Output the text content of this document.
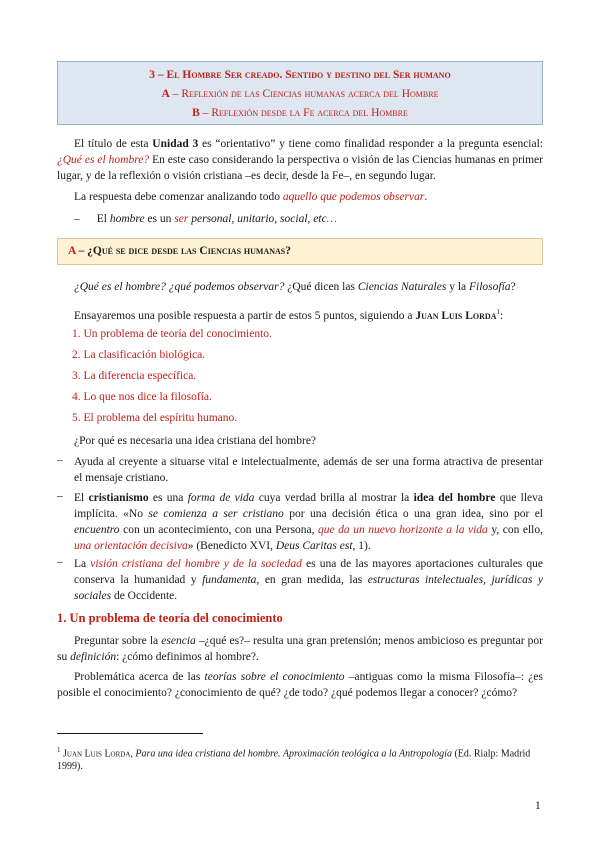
3 – El Hombre Ser creado. Sentido y destino del Ser humano
A – Reflexión de las Ciencias humanas acerca del Hombre
B – Reflexión desde la Fe acerca del Hombre
El título de esta Unidad 3 es “orientativo” y tiene como finalidad responder a la pregunta esencial: ¿Qué es el hombre? En este caso considerando la perspectiva o visión de las Ciencias humanas en primer lugar, y de la reflexión o visión cristiana –es decir, desde la Fe–, en segundo lugar.
La respuesta debe comenzar analizando todo aquello que podemos observar.
– El hombre es un ser personal, unitario, social, etc…
A – ¿Qué se dice desde las Ciencias humanas?
¿Qué es el hombre? ¿qué podemos observar? ¿Qué dicen las Ciencias Naturales y la Filosofía?
Ensayaremos una posible respuesta a partir de estos 5 puntos, siguiendo a Juan Luis Lorda$^1$:
1. Un problema de teoría del conocimiento.
2. La clasificación biológica.
3. La diferencia específica.
4. Lo que nos dice la filosofía.
5. El problema del espíritu humano.
¿Por qué es necesaria una idea cristiana del hombre?
– Ayuda al creyente a situarse vital e intelectualmente, además de ser una forma atractiva de presentar el mensaje cristiano.
– El cristianismo es una forma de vida cuya verdad brilla al mostrar la idea del hombre que lleva implícita. «No se comienza a ser cristiano por una decisión ética o una gran idea, sino por el encuentro con un acontecimiento, con una Persona, que da un nuevo horizonte a la vida y, con ello, una orientación decisiva» (Benedicto XVI, Deus Caritas est, 1).
– La visión cristiana del hombre y de la sociedad es una de las mayores aportaciones culturales que conserva la humanidad y fundamenta, en gran medida, las estructuras intelectuales, jurídicas y sociales de Occidente.
1. Un problema de teoría del conocimiento
Preguntar sobre la esencia –¿qué es?– resulta una gran pretensión; menos ambicioso es preguntar por su definición: ¿cómo definimos al hombre?.
Problemática acerca de las teorías sobre el conocimiento –antiguas como la misma Filosofía–: ¿es posible el conocimiento? ¿conocimiento de qué? ¿de todo? ¿qué podemos llegar a conocer? ¿cómo?
$^1$ Juan Luis Lorda, Para una idea cristiana del hombre. Aproximación teológica a la Antropología (Ed. Rialp: Madrid 1999).
1
